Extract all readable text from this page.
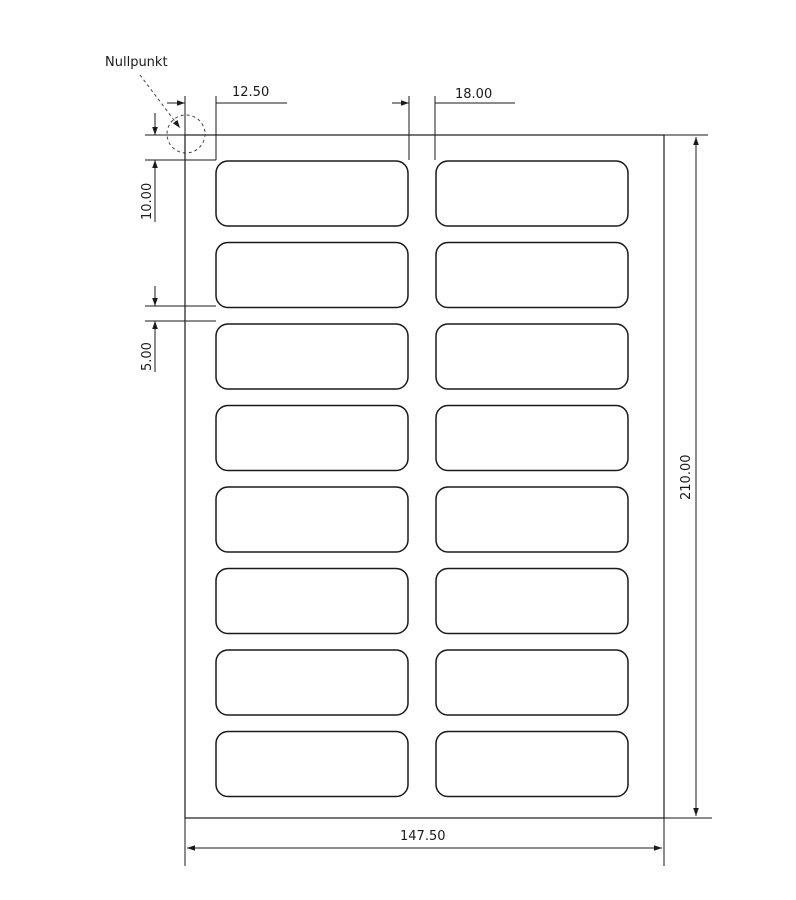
Nullpunkt
12.50	18.00
10.00
5.00
210.00
147.50
